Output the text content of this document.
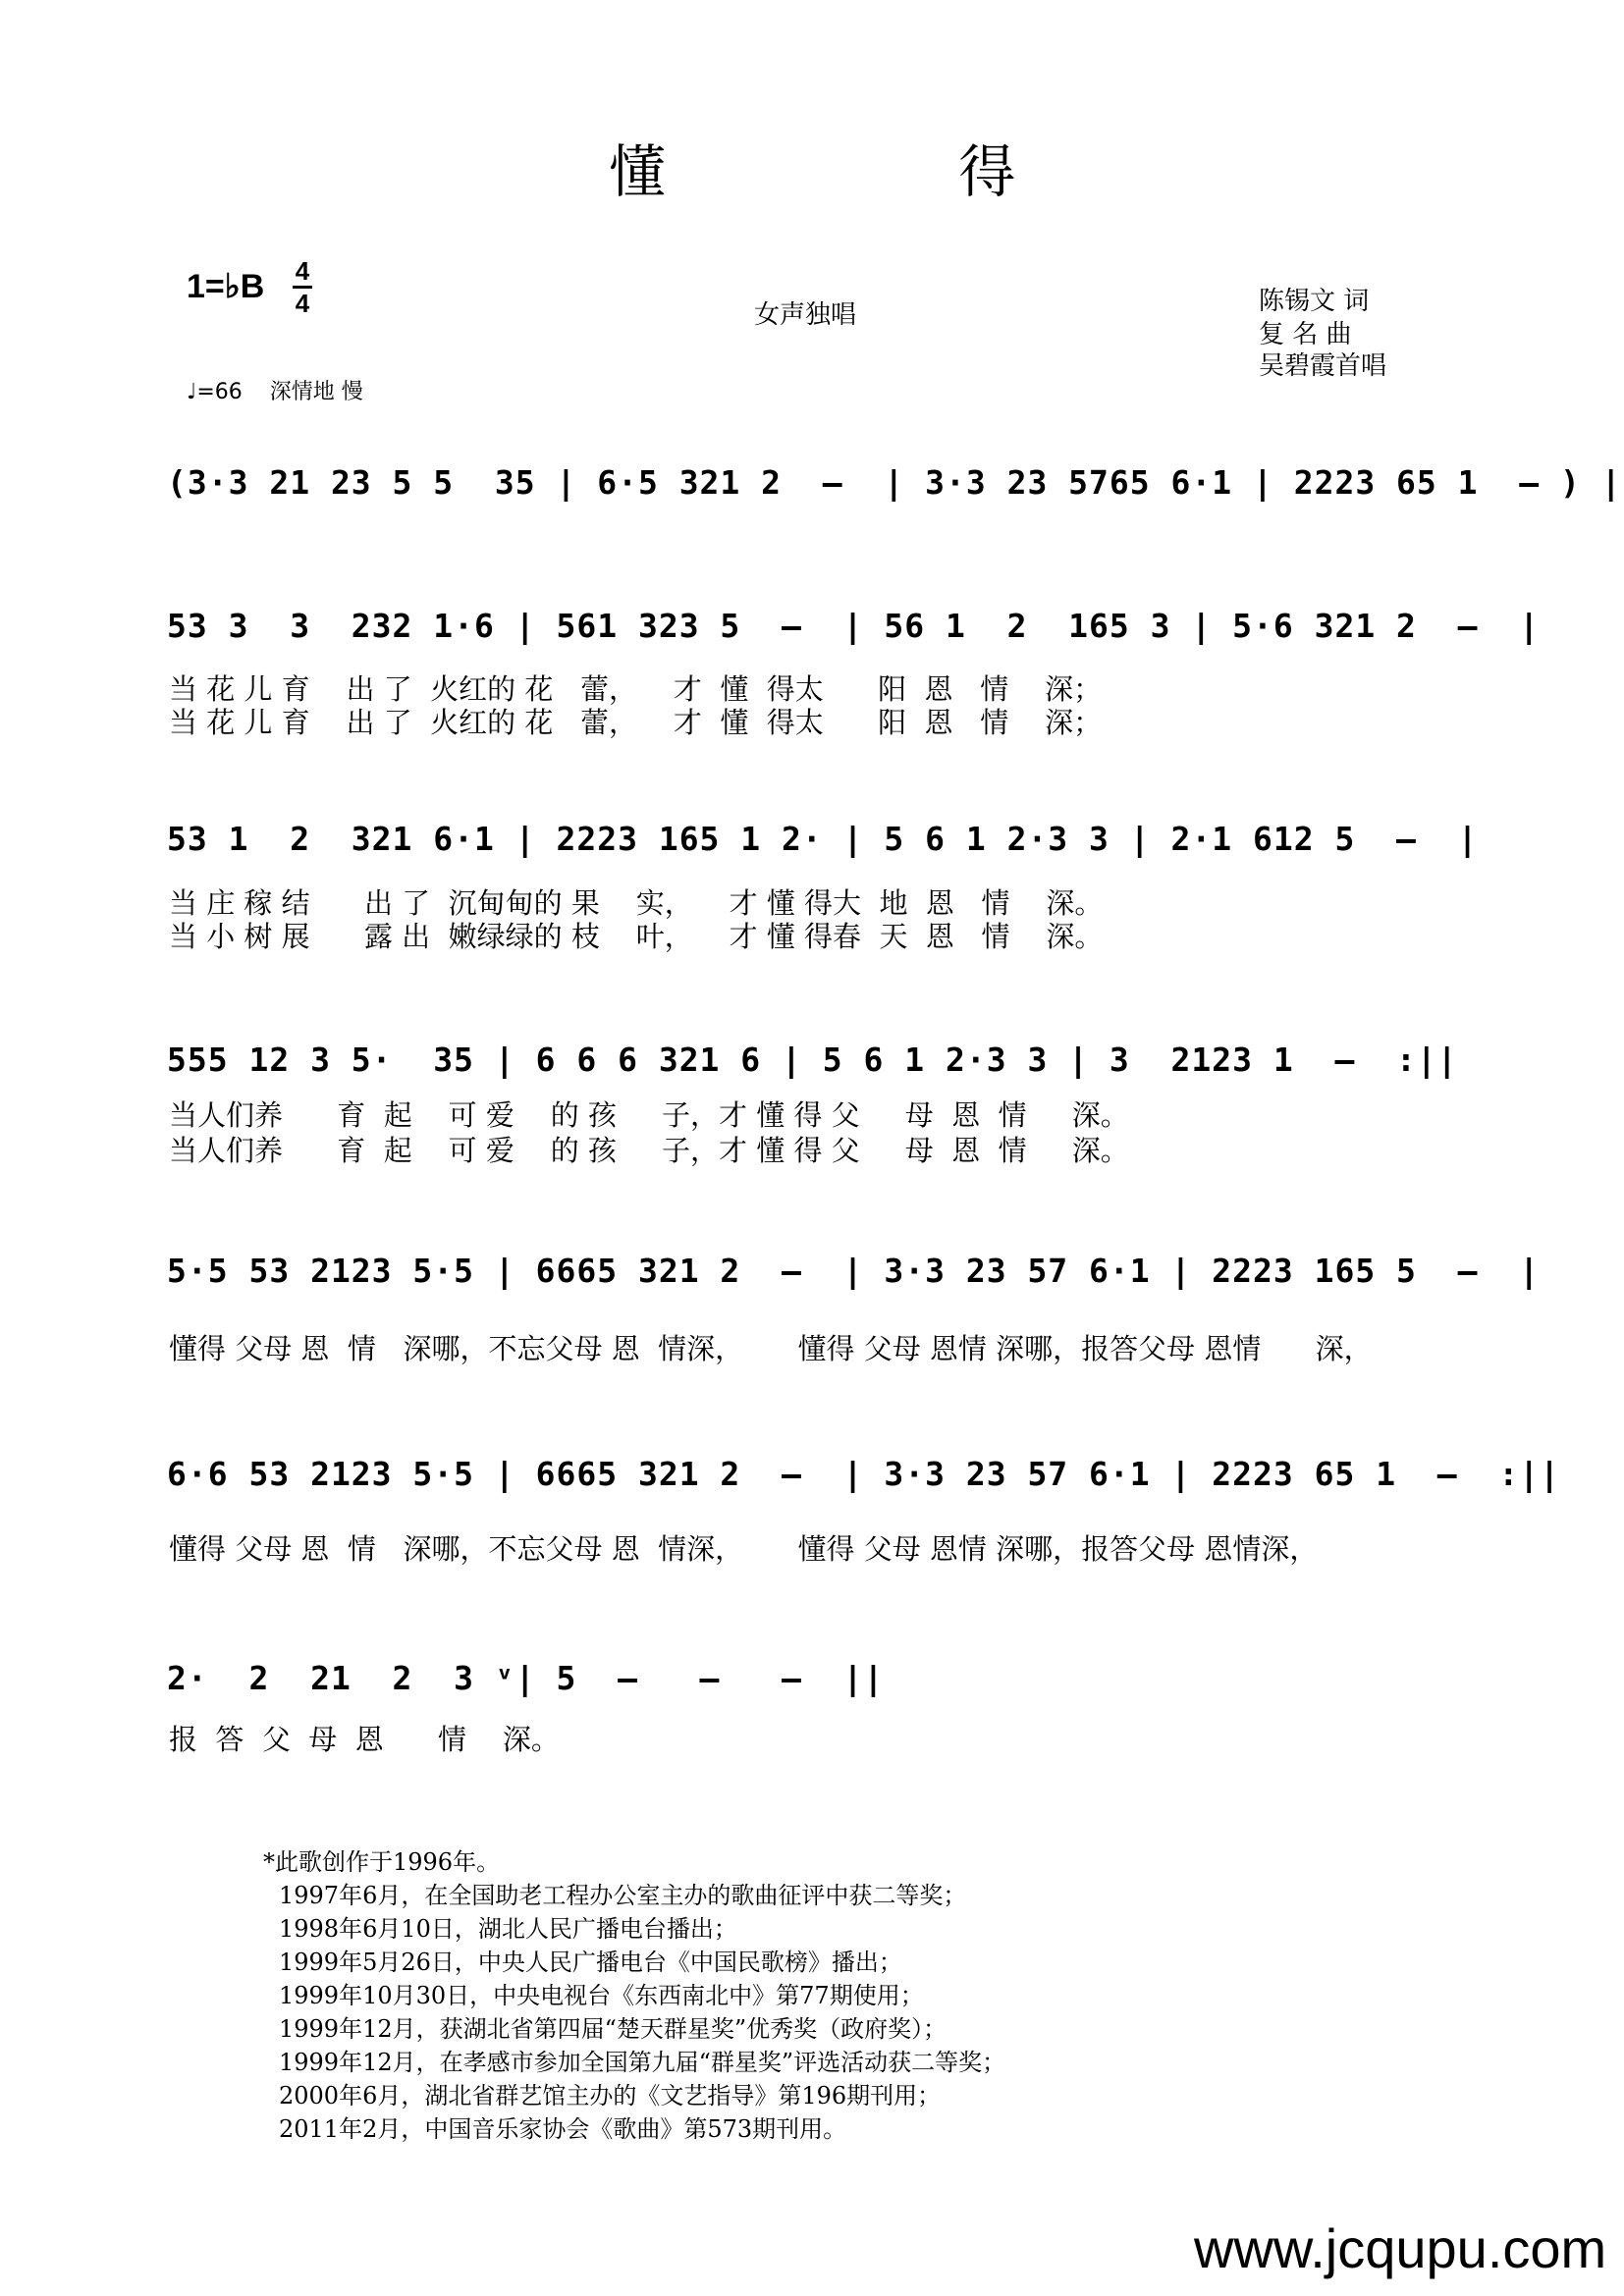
懂 得
1=♭B 4
4	女声独唱	陈锡文 词
复 名 曲
吴碧霞首唱
♩=66    深情地 慢
(3·3 21 23 5 5  35 | 6·5 321 2  –  | 3·3 23 5765 6·1 | 2223 65 1  – ) |
53 3  3  232 1·6 | 561 323 5  –  | 56 1  2  165 3 | 5·6 321 2  –  |
当 花 儿 育    出 了  火红的 花   蕾，    才  懂  得太      阳  恩   情    深；
当 花 儿 育    出 了  火红的 花   蕾，    才  懂  得太      阳  恩   情    深；
53 1  2  321 6·1 | 2223 165 1 2· | 5 6 1 2·3 3 | 2·1 612 5  –  |
当 庄 稼 结      出 了  沉甸甸的 果    实，    才 懂 得大  地  恩   情    深。
当 小 树 展      露 出  嫩绿绿的 枝    叶，    才 懂 得春  天  恩   情    深。
555 12 3 5·  35 | 6 6 6 321 6 | 5 6 1 2·3 3 | 3  2123 1  –  :||
当人们养      育  起    可 爱    的 孩     子，才 懂 得 父     母  恩  情     深。
当人们养      育  起    可 爱    的 孩     子，才 懂 得 父     母  恩  情     深。
5·5 53 2123 5·5 | 6665 321 2  –  | 3·3 23 57 6·1 | 2223 165 5  –  |
懂得 父母 恩  情   深哪，不忘父母 恩  情深，      懂得 父母 恩情 深哪，报答父母 恩情      深，
6·6 53 2123 5·5 | 6665 321 2  –  | 3·3 23 57 6·1 | 2223 65 1  –  :||
懂得 父母 恩  情   深哪，不忘父母 恩  情深，      懂得 父母 恩情 深哪，报答父母 恩情深，
2·  2  21  2  3 ᵛ| 5  –   –   –  ||
报  答  父  母  恩      情    深。
*此歌创作于1996年。
1997年6月，在全国助老工程办公室主办的歌曲征评中获二等奖；
1998年6月10日，湖北人民广播电台播出；
1999年5月26日，中央人民广播电台《中国民歌榜》播出；
1999年10月30日，中央电视台《东西南北中》第77期使用；
1999年12月，获湖北省第四届“楚天群星奖”优秀奖（政府奖）；
1999年12月，在孝感市参加全国第九届“群星奖”评选活动获二等奖；
2000年6月，湖北省群艺馆主办的《文艺指导》第196期刊用；
2011年2月，中国音乐家协会《歌曲》第573期刊用。
www.jcqupu.com
